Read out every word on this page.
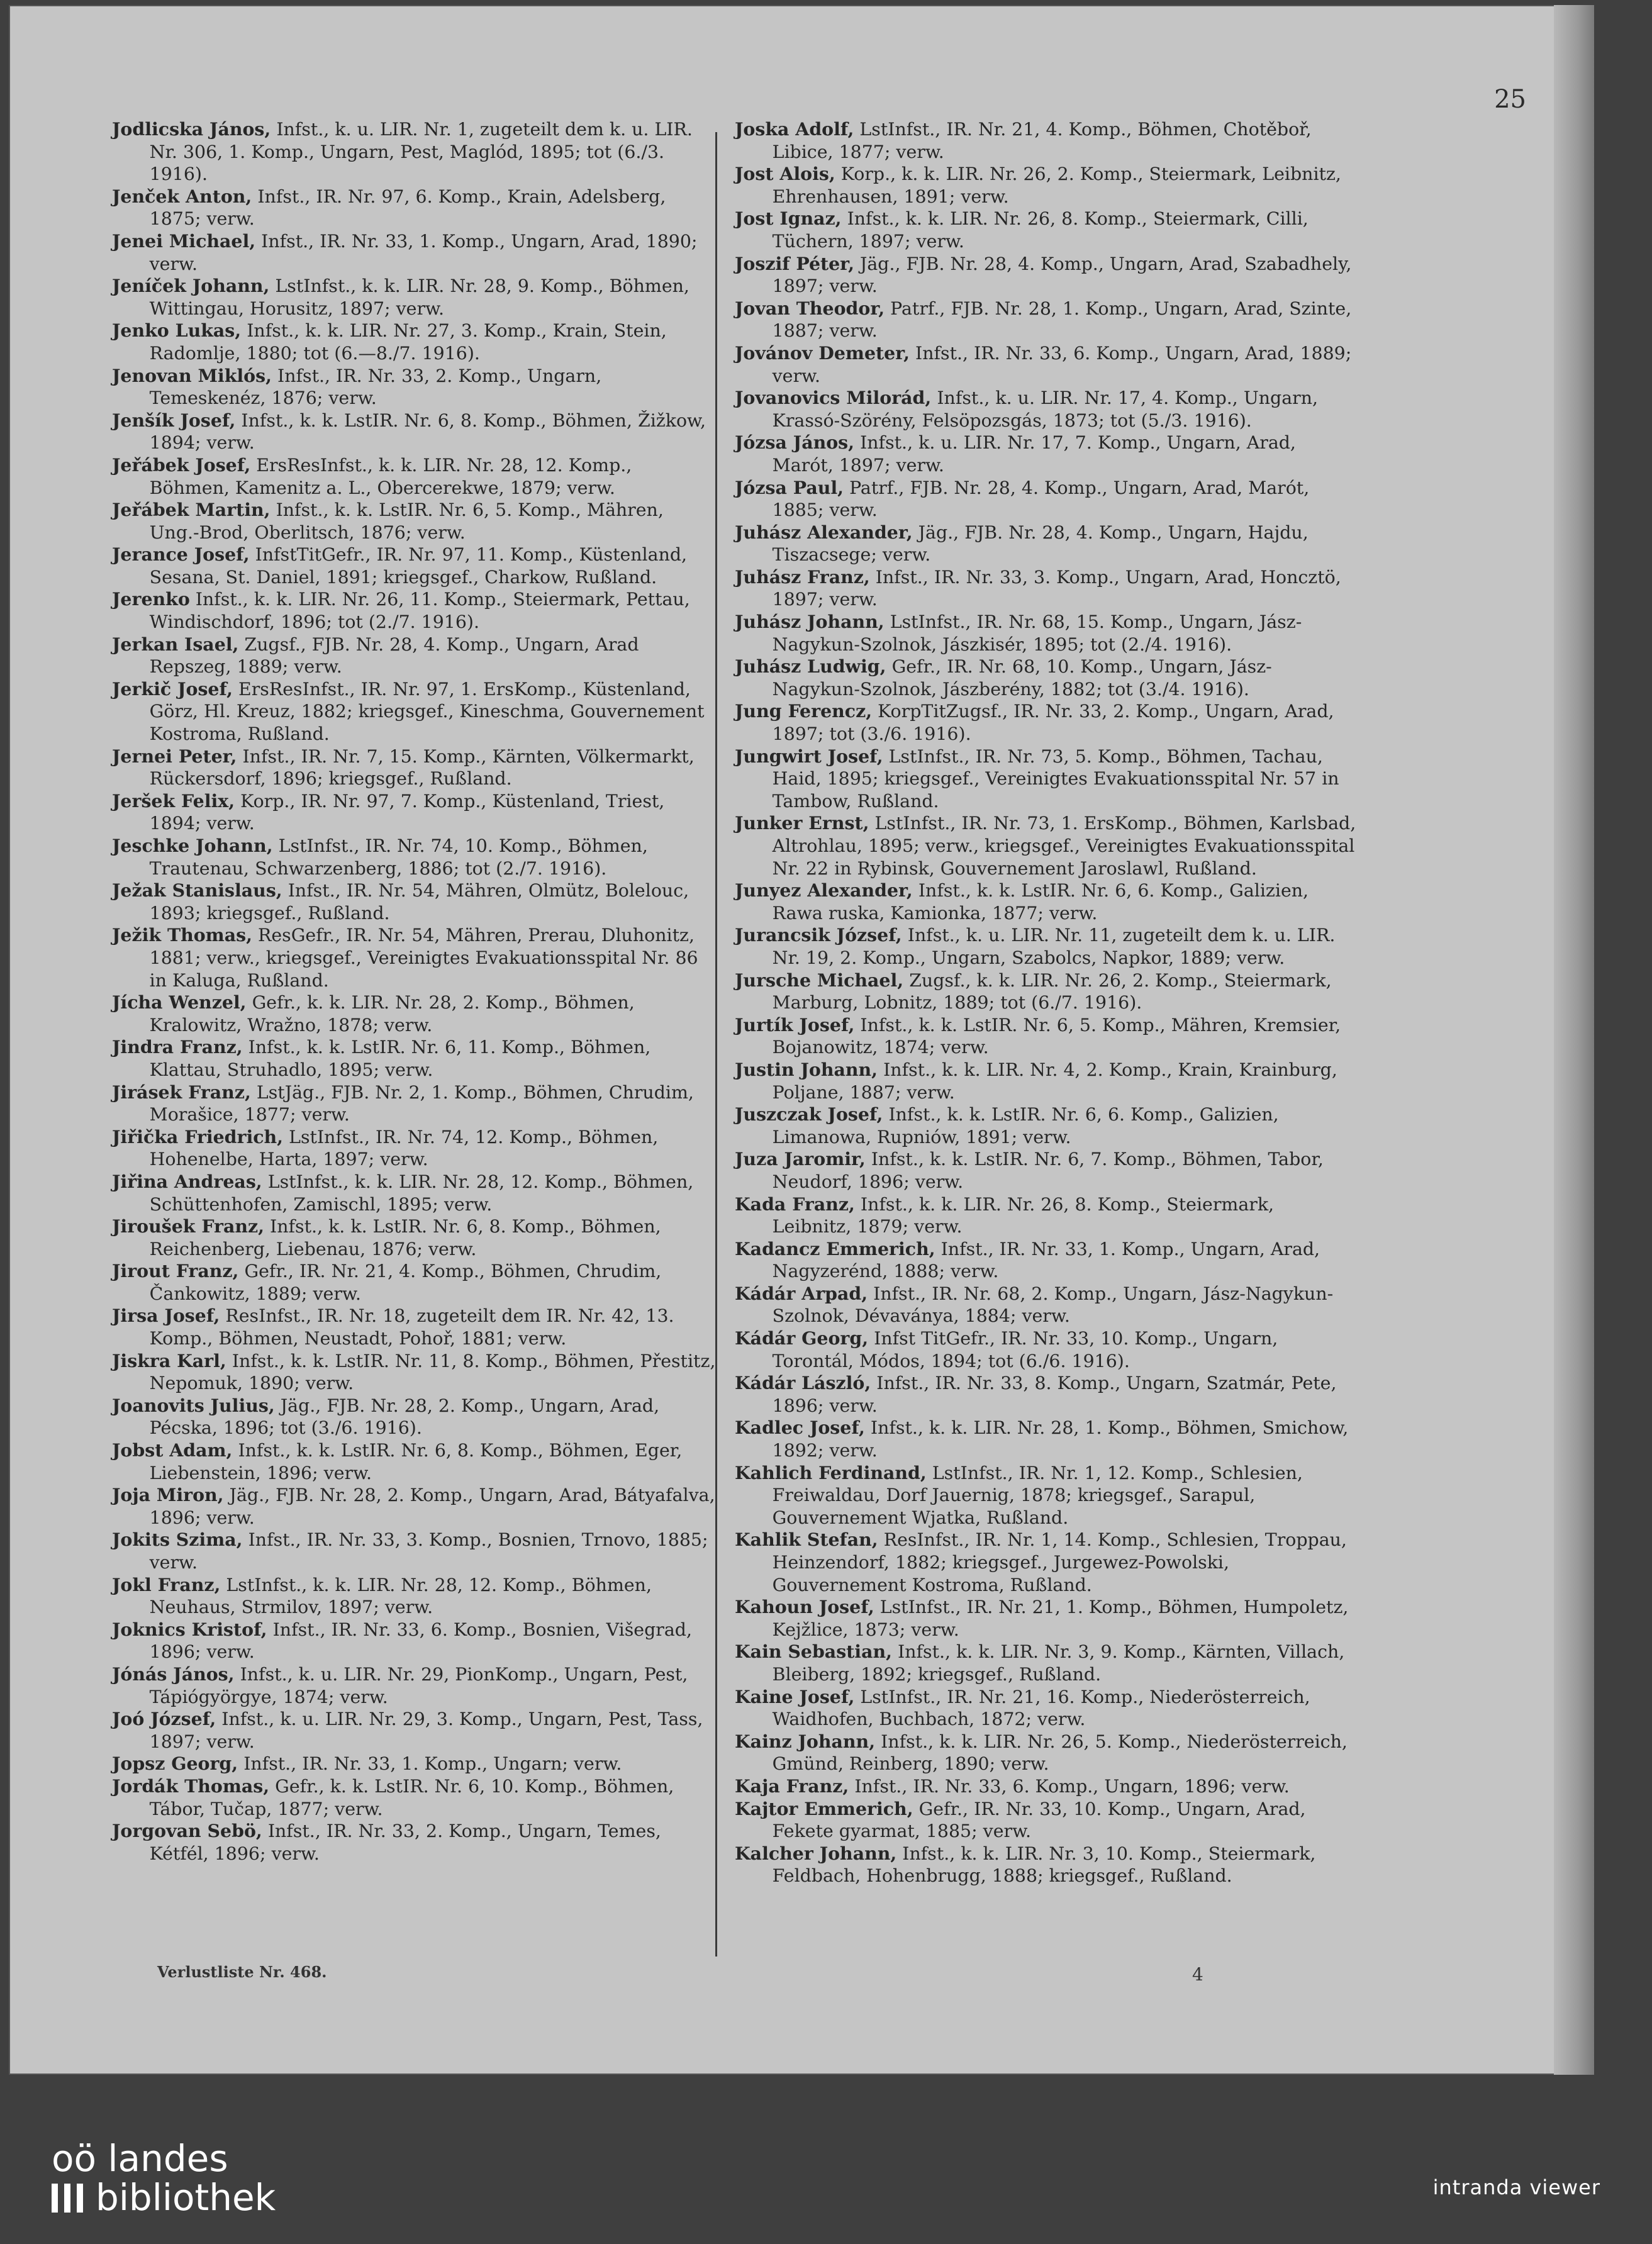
25

Jodlicska János, Infst., k. u. LIR. Nr. 1, zugeteilt dem k. u. LIR. Nr. 306, 1. Komp., Ungarn, Pest, Maglód, 1895; tot (6./3. 1916).

Jenček Anton, Infst., IR. Nr. 97, 6. Komp., Krain, Adelsberg, 1875; verw.

Jenei Michael, Infst., IR. Nr. 33, 1. Komp., Ungarn, Arad, 1890; verw.

Jeníček Johann, LstInfst., k. k. LIR. Nr. 28, 9. Komp., Böhmen, Wittingau, Horusitz, 1897; verw.

Jenko Lukas, Infst., k. k. LIR. Nr. 27, 3. Komp., Krain, Stein, Radomlje, 1880; tot (6.—8./7. 1916).

Jenovan Miklós, Infst., IR. Nr. 33, 2. Komp., Ungarn, Temeskenéz, 1876; verw.

Jenšík Josef, Infst., k. k. LstIR. Nr. 6, 8. Komp., Böhmen, Žižkow, 1894; verw.

Jeřábek Josef, ErsResInfst., k. k. LIR. Nr. 28, 12. Komp., Böhmen, Kamenitz a. L., Obercerekwe, 1879; verw.

Jeřábek Martin, Infst., k. k. LstIR. Nr. 6, 5. Komp., Mähren, Ung.-Brod, Oberlitsch, 1876; verw.

Jerance Josef, InfstTitGefr., IR. Nr. 97, 11. Komp., Küstenland, Sesana, St. Daniel, 1891; kriegsgef., Charkow, Rußland.

Jerenko Infst., k. k. LIR. Nr. 26, 11. Komp., Steiermark, Pettau, Windischdorf, 1896; tot (2./7. 1916).

Jerkan Isael, Zugsf., FJB. Nr. 28, 4. Komp., Ungarn, Arad Repszeg, 1889; verw.

Jerkič Josef, ErsResInfst., IR. Nr. 97, 1. ErsKomp., Küstenland, Görz, Hl. Kreuz, 1882; kriegsgef., Kineschma, Gouvernement Kostroma, Rußland.

Jernei Peter, Infst., IR. Nr. 7, 15. Komp., Kärnten, Völkermarkt, Rückersdorf, 1896; kriegsgef., Rußland.

Jeršek Felix, Korp., IR. Nr. 97, 7. Komp., Küstenland, Triest, 1894; verw.

Jeschke Johann, LstInfst., IR. Nr. 74, 10. Komp., Böhmen, Trautenau, Schwarzenberg, 1886; tot (2./7. 1916).

Ježak Stanislaus, Infst., IR. Nr. 54, Mähren, Olmütz, Bolelouc, 1893; kriegsgef., Rußland.

Ježik Thomas, ResGefr., IR. Nr. 54, Mähren, Prerau, Dluhonitz, 1881; verw., kriegsgef., Vereinigtes Evakuationsspital Nr. 86 in Kaluga, Rußland.

Jícha Wenzel, Gefr., k. k. LIR. Nr. 28, 2. Komp., Böhmen, Kralowitz, Wražno, 1878; verw.

Jindra Franz, Infst., k. k. LstIR. Nr. 6, 11. Komp., Böhmen, Klattau, Struhadlo, 1895; verw.

Jirásek Franz, LstJäg., FJB. Nr. 2, 1. Komp., Böhmen, Chrudim, Morašice, 1877; verw.

Jiřička Friedrich, LstInfst., IR. Nr. 74, 12. Komp., Böhmen, Hohenelbe, Harta, 1897; verw.

Jiřina Andreas, LstInfst., k. k. LIR. Nr. 28, 12. Komp., Böhmen, Schüttenhofen, Zamischl, 1895; verw.

Jiroušek Franz, Infst., k. k. LstIR. Nr. 6, 8. Komp., Böhmen, Reichenberg, Liebenau, 1876; verw.

Jirout Franz, Gefr., IR. Nr. 21, 4. Komp., Böhmen, Chrudim, Čankowitz, 1889; verw.

Jirsa Josef, ResInfst., IR. Nr. 18, zugeteilt dem IR. Nr. 42, 13. Komp., Böhmen, Neustadt, Pohoř, 1881; verw.

Jiskra Karl, Infst., k. k. LstIR. Nr. 11, 8. Komp., Böhmen, Přestitz, Nepomuk, 1890; verw.

Joanovits Julius, Jäg., FJB. Nr. 28, 2. Komp., Ungarn, Arad, Pécska, 1896; tot (3./6. 1916).

Jobst Adam, Infst., k. k. LstIR. Nr. 6, 8. Komp., Böhmen, Eger, Liebenstein, 1896; verw.

Joja Miron, Jäg., FJB. Nr. 28, 2. Komp., Ungarn, Arad, Bátyafalva, 1896; verw.

Jokits Szima, Infst., IR. Nr. 33, 3. Komp., Bosnien, Trnovo, 1885; verw.

Jokl Franz, LstInfst., k. k. LIR. Nr. 28, 12. Komp., Böhmen, Neuhaus, Strmilov, 1897; verw.

Joknics Kristof, Infst., IR. Nr. 33, 6. Komp., Bosnien, Višegrad, 1896; verw.

Jónás János, Infst., k. u. LIR. Nr. 29, PionKomp., Ungarn, Pest, Tápiógyörgye, 1874; verw.

Joó József, Infst., k. u. LIR. Nr. 29, 3. Komp., Ungarn, Pest, Tass, 1897; verw.

Jopsz Georg, Infst., IR. Nr. 33, 1. Komp., Ungarn; verw.

Jordák Thomas, Gefr., k. k. LstIR. Nr. 6, 10. Komp., Böhmen, Tábor, Tučap, 1877; verw.

Jorgovan Sebö, Infst., IR. Nr. 33, 2. Komp., Ungarn, Temes, Kétfél, 1896; verw.

Joska Adolf, LstInfst., IR. Nr. 21, 4. Komp., Böhmen, Chotěboř, Libice, 1877; verw.

Jost Alois, Korp., k. k. LIR. Nr. 26, 2. Komp., Steiermark, Leibnitz, Ehrenhausen, 1891; verw.

Jost Ignaz, Infst., k. k. LIR. Nr. 26, 8. Komp., Steiermark, Cilli, Tüchern, 1897; verw.

Joszif Péter, Jäg., FJB. Nr. 28, 4. Komp., Ungarn, Arad, Szabadhely, 1897; verw.

Jovan Theodor, Patrf., FJB. Nr. 28, 1. Komp., Ungarn, Arad, Szinte, 1887; verw.

Jovánov Demeter, Infst., IR. Nr. 33, 6. Komp., Ungarn, Arad, 1889; verw.

Jovanovics Milorád, Infst., k. u. LIR. Nr. 17, 4. Komp., Ungarn, Krassó-Szörény, Felsöpozsgás, 1873; tot (5./3. 1916).

Józsa János, Infst., k. u. LIR. Nr. 17, 7. Komp., Ungarn, Arad, Marót, 1897; verw.

Józsa Paul, Patrf., FJB. Nr. 28, 4. Komp., Ungarn, Arad, Marót, 1885; verw.

Juhász Alexander, Jäg., FJB. Nr. 28, 4. Komp., Ungarn, Hajdu, Tiszacsege; verw.

Juhász Franz, Infst., IR. Nr. 33, 3. Komp., Ungarn, Arad, Honcztö, 1897; verw.

Juhász Johann, LstInfst., IR. Nr. 68, 15. Komp., Ungarn, Jász-Nagykun-Szolnok, Jászkisér, 1895; tot (2./4. 1916).

Juhász Ludwig, Gefr., IR. Nr. 68, 10. Komp., Ungarn, Jász-Nagykun-Szolnok, Jászberény, 1882; tot (3./4. 1916).

Jung Ferencz, KorpTitZugsf., IR. Nr. 33, 2. Komp., Ungarn, Arad, 1897; tot (3./6. 1916).

Jungwirt Josef, LstInfst., IR. Nr. 73, 5. Komp., Böhmen, Tachau, Haid, 1895; kriegsgef., Vereinigtes Evakuationsspital Nr. 57 in Tambow, Rußland.

Junker Ernst, LstInfst., IR. Nr. 73, 1. ErsKomp., Böhmen, Karlsbad, Altrohlau, 1895; verw., kriegsgef., Vereinigtes Evakuationsspital Nr. 22 in Rybinsk, Gouvernement Jaroslawl, Rußland.

Junyez Alexander, Infst., k. k. LstIR. Nr. 6, 6. Komp., Galizien, Rawa ruska, Kamionka, 1877; verw.

Jurancsik József, Infst., k. u. LIR. Nr. 11, zugeteilt dem k. u. LIR. Nr. 19, 2. Komp., Ungarn, Szabolcs, Napkor, 1889; verw.

Jursche Michael, Zugsf., k. k. LIR. Nr. 26, 2. Komp., Steiermark, Marburg, Lobnitz, 1889; tot (6./7. 1916).

Jurtík Josef, Infst., k. k. LstIR. Nr. 6, 5. Komp., Mähren, Kremsier, Bojanowitz, 1874; verw.

Justin Johann, Infst., k. k. LIR. Nr. 4, 2. Komp., Krain, Krainburg, Poljane, 1887; verw.

Juszczak Josef, Infst., k. k. LstIR. Nr. 6, 6. Komp., Galizien, Limanowa, Rupniów, 1891; verw.

Juza Jaromir, Infst., k. k. LstIR. Nr. 6, 7. Komp., Böhmen, Tabor, Neudorf, 1896; verw.

Kada Franz, Infst., k. k. LIR. Nr. 26, 8. Komp., Steiermark, Leibnitz, 1879; verw.

Kadancz Emmerich, Infst., IR. Nr. 33, 1. Komp., Ungarn, Arad, Nagyzerénd, 1888; verw.

Kádár Arpad, Infst., IR. Nr. 68, 2. Komp., Ungarn, Jász-Nagykun-Szolnok, Dévaványa, 1884; verw.

Kádár Georg, Infst TitGefr., IR. Nr. 33, 10. Komp., Ungarn, Torontál, Módos, 1894; tot (6./6. 1916).

Kádár László, Infst., IR. Nr. 33, 8. Komp., Ungarn, Szatmár, Pete, 1896; verw.

Kadlec Josef, Infst., k. k. LIR. Nr. 28, 1. Komp., Böhmen, Smichow, 1892; verw.

Kahlich Ferdinand, LstInfst., IR. Nr. 1, 12. Komp., Schlesien, Freiwaldau, Dorf Jauernig, 1878; kriegsgef., Sarapul, Gouvernement Wjatka, Rußland.

Kahlik Stefan, ResInfst., IR. Nr. 1, 14. Komp., Schlesien, Troppau, Heinzendorf, 1882; kriegsgef., Jurgewez-Powolski, Gouvernement Kostroma, Rußland.

Kahoun Josef, LstInfst., IR. Nr. 21, 1. Komp., Böhmen, Humpoletz, Kejžlice, 1873; verw.

Kain Sebastian, Infst., k. k. LIR. Nr. 3, 9. Komp., Kärnten, Villach, Bleiberg, 1892; kriegsgef., Rußland.

Kaine Josef, LstInfst., IR. Nr. 21, 16. Komp., Niederösterreich, Waidhofen, Buchbach, 1872; verw.

Kainz Johann, Infst., k. k. LIR. Nr. 26, 5. Komp., Niederösterreich, Gmünd, Reinberg, 1890; verw.

Kaja Franz, Infst., IR. Nr. 33, 6. Komp., Ungarn, 1896; verw.

Kajtor Emmerich, Gefr., IR. Nr. 33, 10. Komp., Ungarn, Arad, Fekete gyarmat, 1885; verw.

Kalcher Johann, Infst., k. k. LIR. Nr. 3, 10. Komp., Steiermark, Feldbach, Hohenbrugg, 1888; kriegsgef., Rußland.

Verlustliste Nr. 468.	4
oö landes
bibliothek	intranda viewer
